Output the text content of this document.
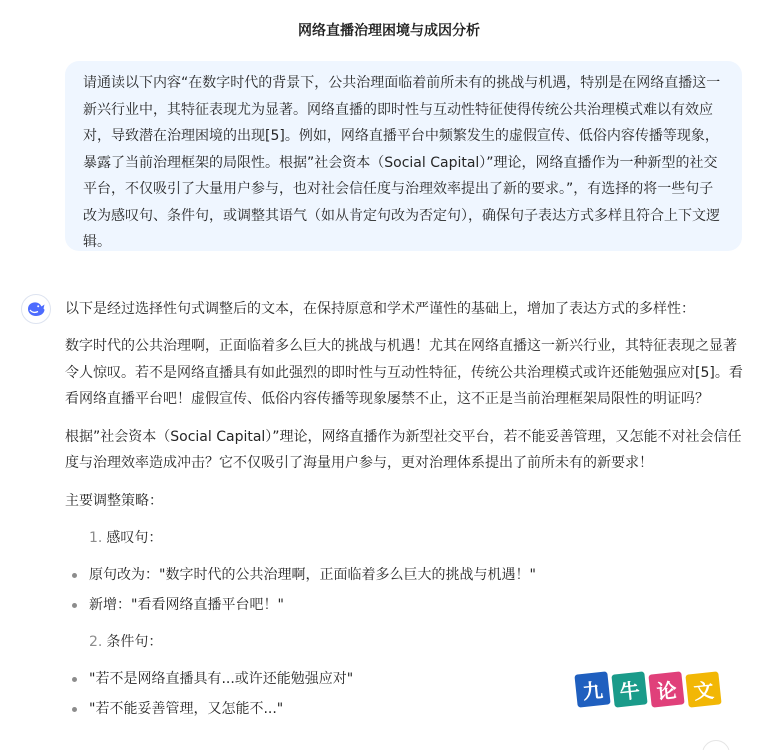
网络直播治理困境与成因分析
请通读以下内容“在数字时代的背景下，公共治理面临着前所未有的挑战与机遇，特别是在网络直播这一新兴行业中，其特征表现尤为显著。网络直播的即时性与互动性特征使得传统公共治理模式难以有效应对，导致潜在治理困境的出现[5]。例如，网络直播平台中频繁发生的虚假宣传、低俗内容传播等现象，暴露了当前治理框架的局限性。根据”社会资本（Social Capital）”理论，网络直播作为一种新型的社交平台，不仅吸引了大量用户参与，也对社会信任度与治理效率提出了新的要求。”，有选择的将一些句子改为感叹句、条件句，或调整其语气（如从肯定句改为否定句），确保句子表达方式多样且符合上下文逻辑。

以下是经过选择性句式调整后的文本，在保持原意和学术严谨性的基础上，增加了表达方式的多样性：

数字时代的公共治理啊，正面临着多么巨大的挑战与机遇！尤其在网络直播这一新兴行业，其特征表现之显著令人惊叹。若不是网络直播具有如此强烈的即时性与互动性特征，传统公共治理模式或许还能勉强应对[5]。看看网络直播平台吧！虚假宣传、低俗内容传播等现象屡禁不止，这不正是当前治理框架局限性的明证吗？

根据”社会资本（Social Capital）”理论，网络直播作为新型社交平台，若不能妥善管理，又怎能不对社会信任度与治理效率造成冲击？它不仅吸引了海量用户参与，更对治理体系提出了前所未有的新要求！

主要调整策略：

1. 感叹句：
原句改为："数字时代的公共治理啊，正面临着多么巨大的挑战与机遇！"
新增："看看网络直播平台吧！"
2. 条件句：
"若不是网络直播具有...或许还能勉强应对"
"若不能妥善管理，又怎能不..."
九 牛 论 文
